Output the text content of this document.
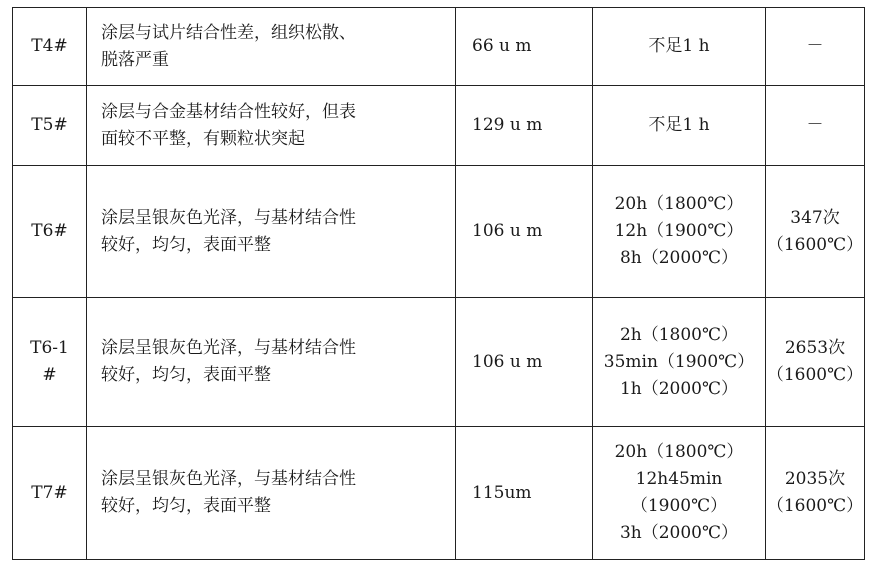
T4#	涂层与试片结合性差，组织松散、
脱落严重	66 u m	不足1 h	－

T5#	涂层与合金基材结合性较好，但表
面较不平整，有颗粒状突起	129 u m	不足1 h	－

T6#	涂层呈银灰色光泽，与基材结合性
较好，均匀，表面平整	106 u m	20h（1800℃）
12h（1900℃）
8h（2000℃）	347次
（1600℃）

T6-1
#	涂层呈银灰色光泽，与基材结合性
较好，均匀，表面平整	106 u m	2h（1800℃）
35min（1900℃）
1h（2000℃）	2653次
（1600℃）

T7#	涂层呈银灰色光泽，与基材结合性
较好，均匀，表面平整	115um	20h（1800℃）
12h45min
（1900℃）
3h（2000℃）	2035次
（1600℃）
